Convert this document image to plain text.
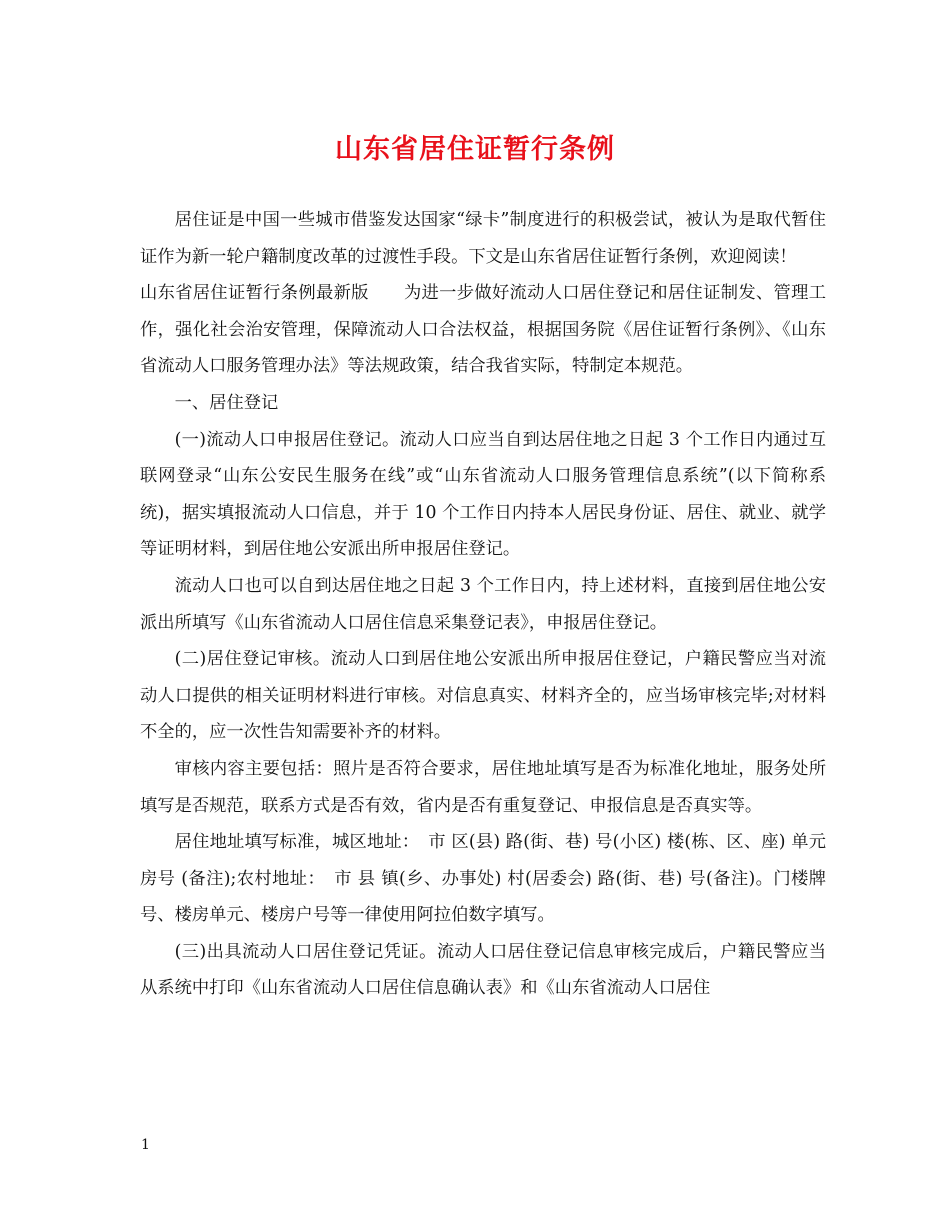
山东省居住证暂行条例

居住证是中国一些城市借鉴发达国家“绿卡”制度进行的积极尝试，被认为是取代暂住证作为新一轮户籍制度改革的过渡性手段。下文是山东省居住证暂行条例，欢迎阅读！

山东省居住证暂行条例最新版　　为进一步做好流动人口居住登记和居住证制发、管理工作，强化社会治安管理，保障流动人口合法权益，根据国务院《居住证暂行条例》、《山东省流动人口服务管理办法》等法规政策，结合我省实际，特制定本规范。

一、居住登记

(一)流动人口申报居住登记。流动人口应当自到达居住地之日起 3 个工作日内通过互联网登录“山东公安民生服务在线”或“山东省流动人口服务管理信息系统”(以下简称系统)，据实填报流动人口信息，并于 10 个工作日内持本人居民身份证、居住、就业、就学等证明材料，到居住地公安派出所申报居住登记。

流动人口也可以自到达居住地之日起 3 个工作日内，持上述材料，直接到居住地公安派出所填写《山东省流动人口居住信息采集登记表》，申报居住登记。

(二)居住登记审核。流动人口到居住地公安派出所申报居住登记，户籍民警应当对流动人口提供的相关证明材料进行审核。对信息真实、材料齐全的，应当场审核完毕;对材料不全的，应一次性告知需要补齐的材料。

审核内容主要包括：照片是否符合要求，居住地址填写是否为标准化地址，服务处所填写是否规范，联系方式是否有效，省内是否有重复登记、申报信息是否真实等。

居住地址填写标准，城区地址：　市 区(县) 路(街、巷) 号(小区) 楼(栋、区、座) 单元 房号 (备注);农村地址：　市 县 镇(乡、办事处) 村(居委会) 路(街、巷) 号(备注)。门楼牌号、楼房单元、楼房户号等一律使用阿拉伯数字填写。

(三)出具流动人口居住登记凭证。流动人口居住登记信息审核完成后，户籍民警应当从系统中打印《山东省流动人口居住信息确认表》和《山东省流动人口居住

1
